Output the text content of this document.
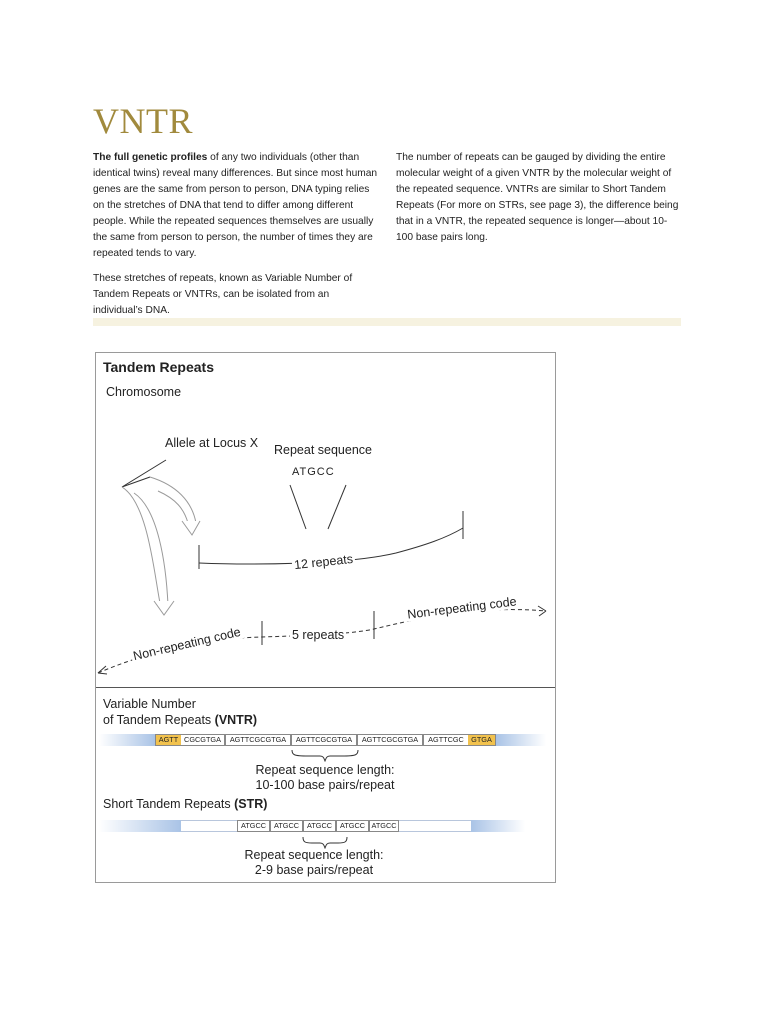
VNTR

The full genetic profiles of any two individuals (other than identical twins) reveal many differences. But since most human genes are the same from person to person, DNA typing relies on the stretches of DNA that tend to differ among different people. While the repeated sequences themselves are usually the same from person to person, the number of times they are repeated tends to vary.

These stretches of repeats, known as Variable Number of Tandem Repeats or VNTRs, can be isolated from an individual’s DNA.

The number of repeats can be gauged by dividing the entire molecular weight of a given VNTR by the molecular weight of the repeated sequence. VNTRs are similar to Short Tandem Repeats (For more on STRs, see page 3), the difference being that in a VNTR, the repeated sequence is longer—about 10-100 base pairs long.

Tandem Repeats
Chromosome
Allele at Locus X Repeat sequence
ATGCC
12 repeats
5 repeats
Non-repeating code
Non-repeating code
Variable Number
of Tandem Repeats (VNTR)
AGTT CGCGTGA	AGTTCGCGTGA	AGTTCGCGTGA	AGTTCGCGTGA	AGTTCGC	GTGA
Repeat sequence length:
10-100 base pairs/repeat
Short Tandem Repeats (STR)
ATGCC	ATGCC	ATGCC	ATGCC ATGCC
Repeat sequence length:
2-9 base pairs/repeat
